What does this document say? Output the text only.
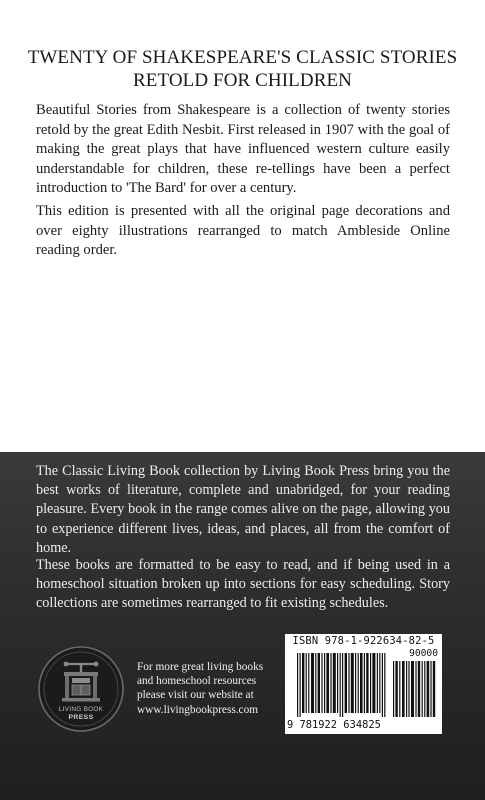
TWENTY OF SHAKESPEARE'S CLASSIC STORIES
RETOLD FOR CHILDREN

Beautiful Stories from Shakespeare is a collection of twenty stories retold by the great Edith Nesbit. First released in 1907 with the goal of making the great plays that have influenced western culture easily understandable for children, these re-tellings have been a perfect introduction to 'The Bard' for over a century.

This edition is presented with all the original page decorations and over eighty illustrations rearranged to match Ambleside Online reading order.

The Classic Living Book collection by Living Book Press bring you the best works of literature, complete and unabridged, for your reading pleasure. Every book in the range comes alive on the page, allowing you to experience different lives, ideas, and places, all from the comfort of home.

These books are formatted to be easy to read, and if being used in a homeschool situation broken up into sections for easy scheduling. Story collections are sometimes rearranged to fit existing schedules.

LIVING BOOK
PRESS

For more great living books
and homeschool resources
please visit our website at
www.livingbookpress.com

ISBN 978-1-922634-82-5
90000
9 781922 634825
